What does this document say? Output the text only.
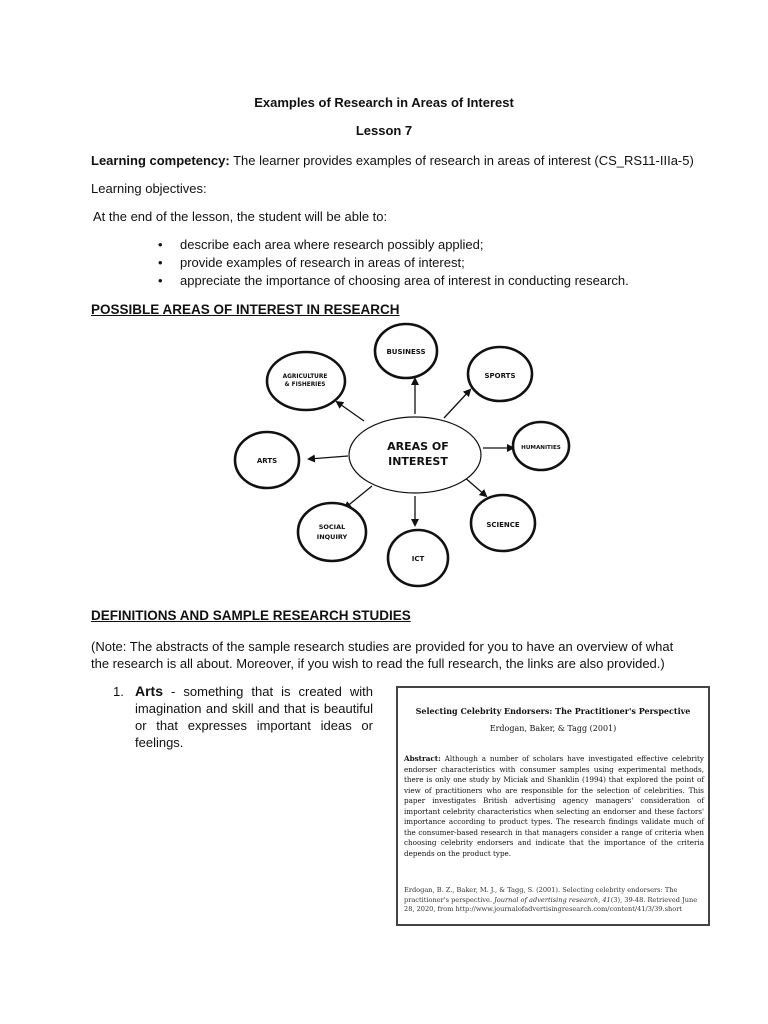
Examples of Research in Areas of Interest
Lesson 7
Learning competency: The learner provides examples of research in areas of interest (CS_RS11-IIIa-5)
Learning objectives:
At the end of the lesson, the student will be able to:
• describe each area where research possibly applied;
• provide examples of research in areas of interest;
• appreciate the importance of choosing area of interest in conducting research.
POSSIBLE AREAS OF INTEREST IN RESEARCH
AREAS OF
INTEREST
BUSINESS
SPORTS
HUMANITIES
SCIENCE
ICT
SOCIAL
INQUIRY
ARTS
AGRICULTURE
& FISHERIES
DEFINITIONS AND SAMPLE RESEARCH STUDIES
(Note: The abstracts of the sample research studies are provided for you to have an overview of what the research is all about. Moreover, if you wish to read the full research, the links are also provided.)
1. Arts - something that is created with imagination and skill and that is beautiful or that expresses important ideas or feelings.
Selecting Celebrity Endorsers: The Practitioner's Perspective
Erdogan, Baker, & Tagg (2001)
Abstract: Although a number of scholars have investigated effective celebrity endorser characteristics with consumer samples using experimental methods, there is only one study by Miciak and Shanklin (1994) that explored the point of view of practitioners who are responsible for the selection of celebrities. This paper investigates British advertising agency managers' consideration of important celebrity characteristics when selecting an endorser and these factors' importance according to product types. The research findings validate much of the consumer-based research in that managers consider a range of criteria when choosing celebrity endorsers and indicate that the importance of the criteria depends on the product type.
Erdogan, B. Z., Baker, M. J., & Tagg, S. (2001). Selecting celebrity endorsers: The practitioner's perspective. Journal of advertising research, 41(3), 39-48. Retrieved June 28, 2020, from http://www.journalofadvertisingresearch.com/content/41/3/39.short
